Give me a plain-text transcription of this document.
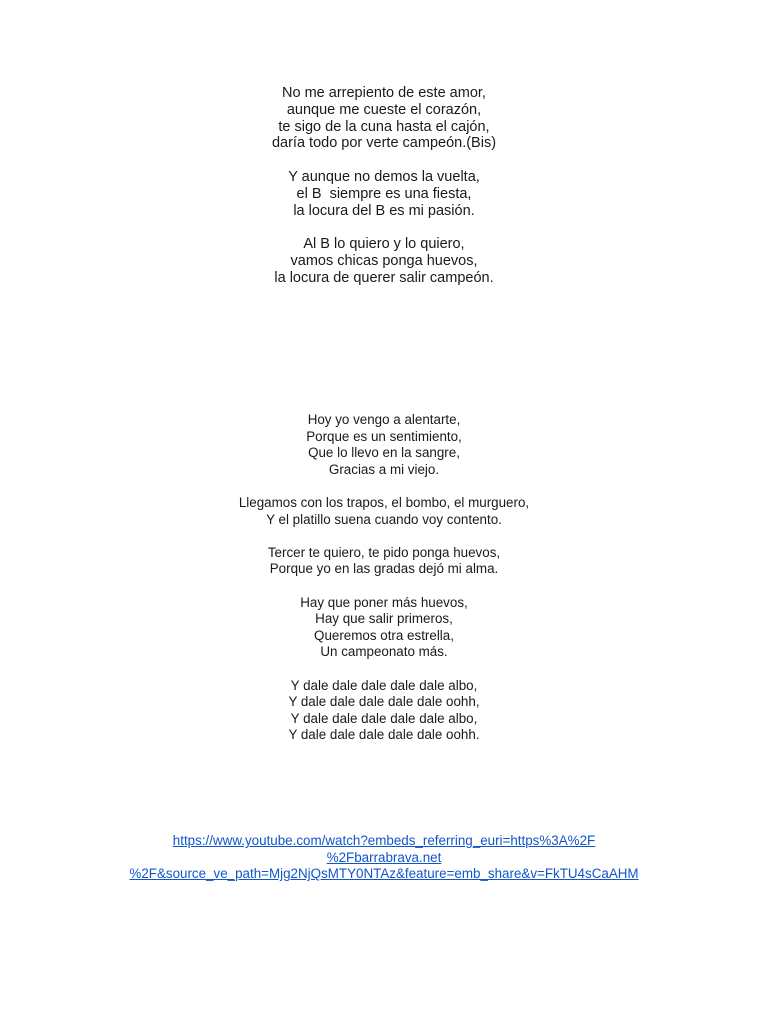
No me arrepiento de este amor,
aunque me cueste el corazón,
te sigo de la cuna hasta el cajón,
daría todo por verte campeón.(Bis)
Y aunque no demos la vuelta,
el B  siempre es una fiesta,
la locura del B es mi pasión.
Al B lo quiero y lo quiero,
vamos chicas ponga huevos,
la locura de querer salir campeón.
Hoy yo vengo a alentarte,
Porque es un sentimiento,
Que lo llevo en la sangre,
Gracias a mi viejo.
Llegamos con los trapos, el bombo, el murguero,
Y el platillo suena cuando voy contento.
Tercer te quiero, te pido ponga huevos,
Porque yo en las gradas dejó mi alma.
Hay que poner más huevos,
Hay que salir primeros,
Queremos otra estrella,
Un campeonato más.
Y dale dale dale dale dale albo,
Y dale dale dale dale dale oohh,
Y dale dale dale dale dale albo,
Y dale dale dale dale dale oohh.
https://www.youtube.com/watch?embeds_referring_euri=https%3A%2F
%2Fbarrabrava.net
%2F&source_ve_path=Mjg2NjQsMTY0NTAz&feature=emb_share&v=FkTU4sCaAHM
